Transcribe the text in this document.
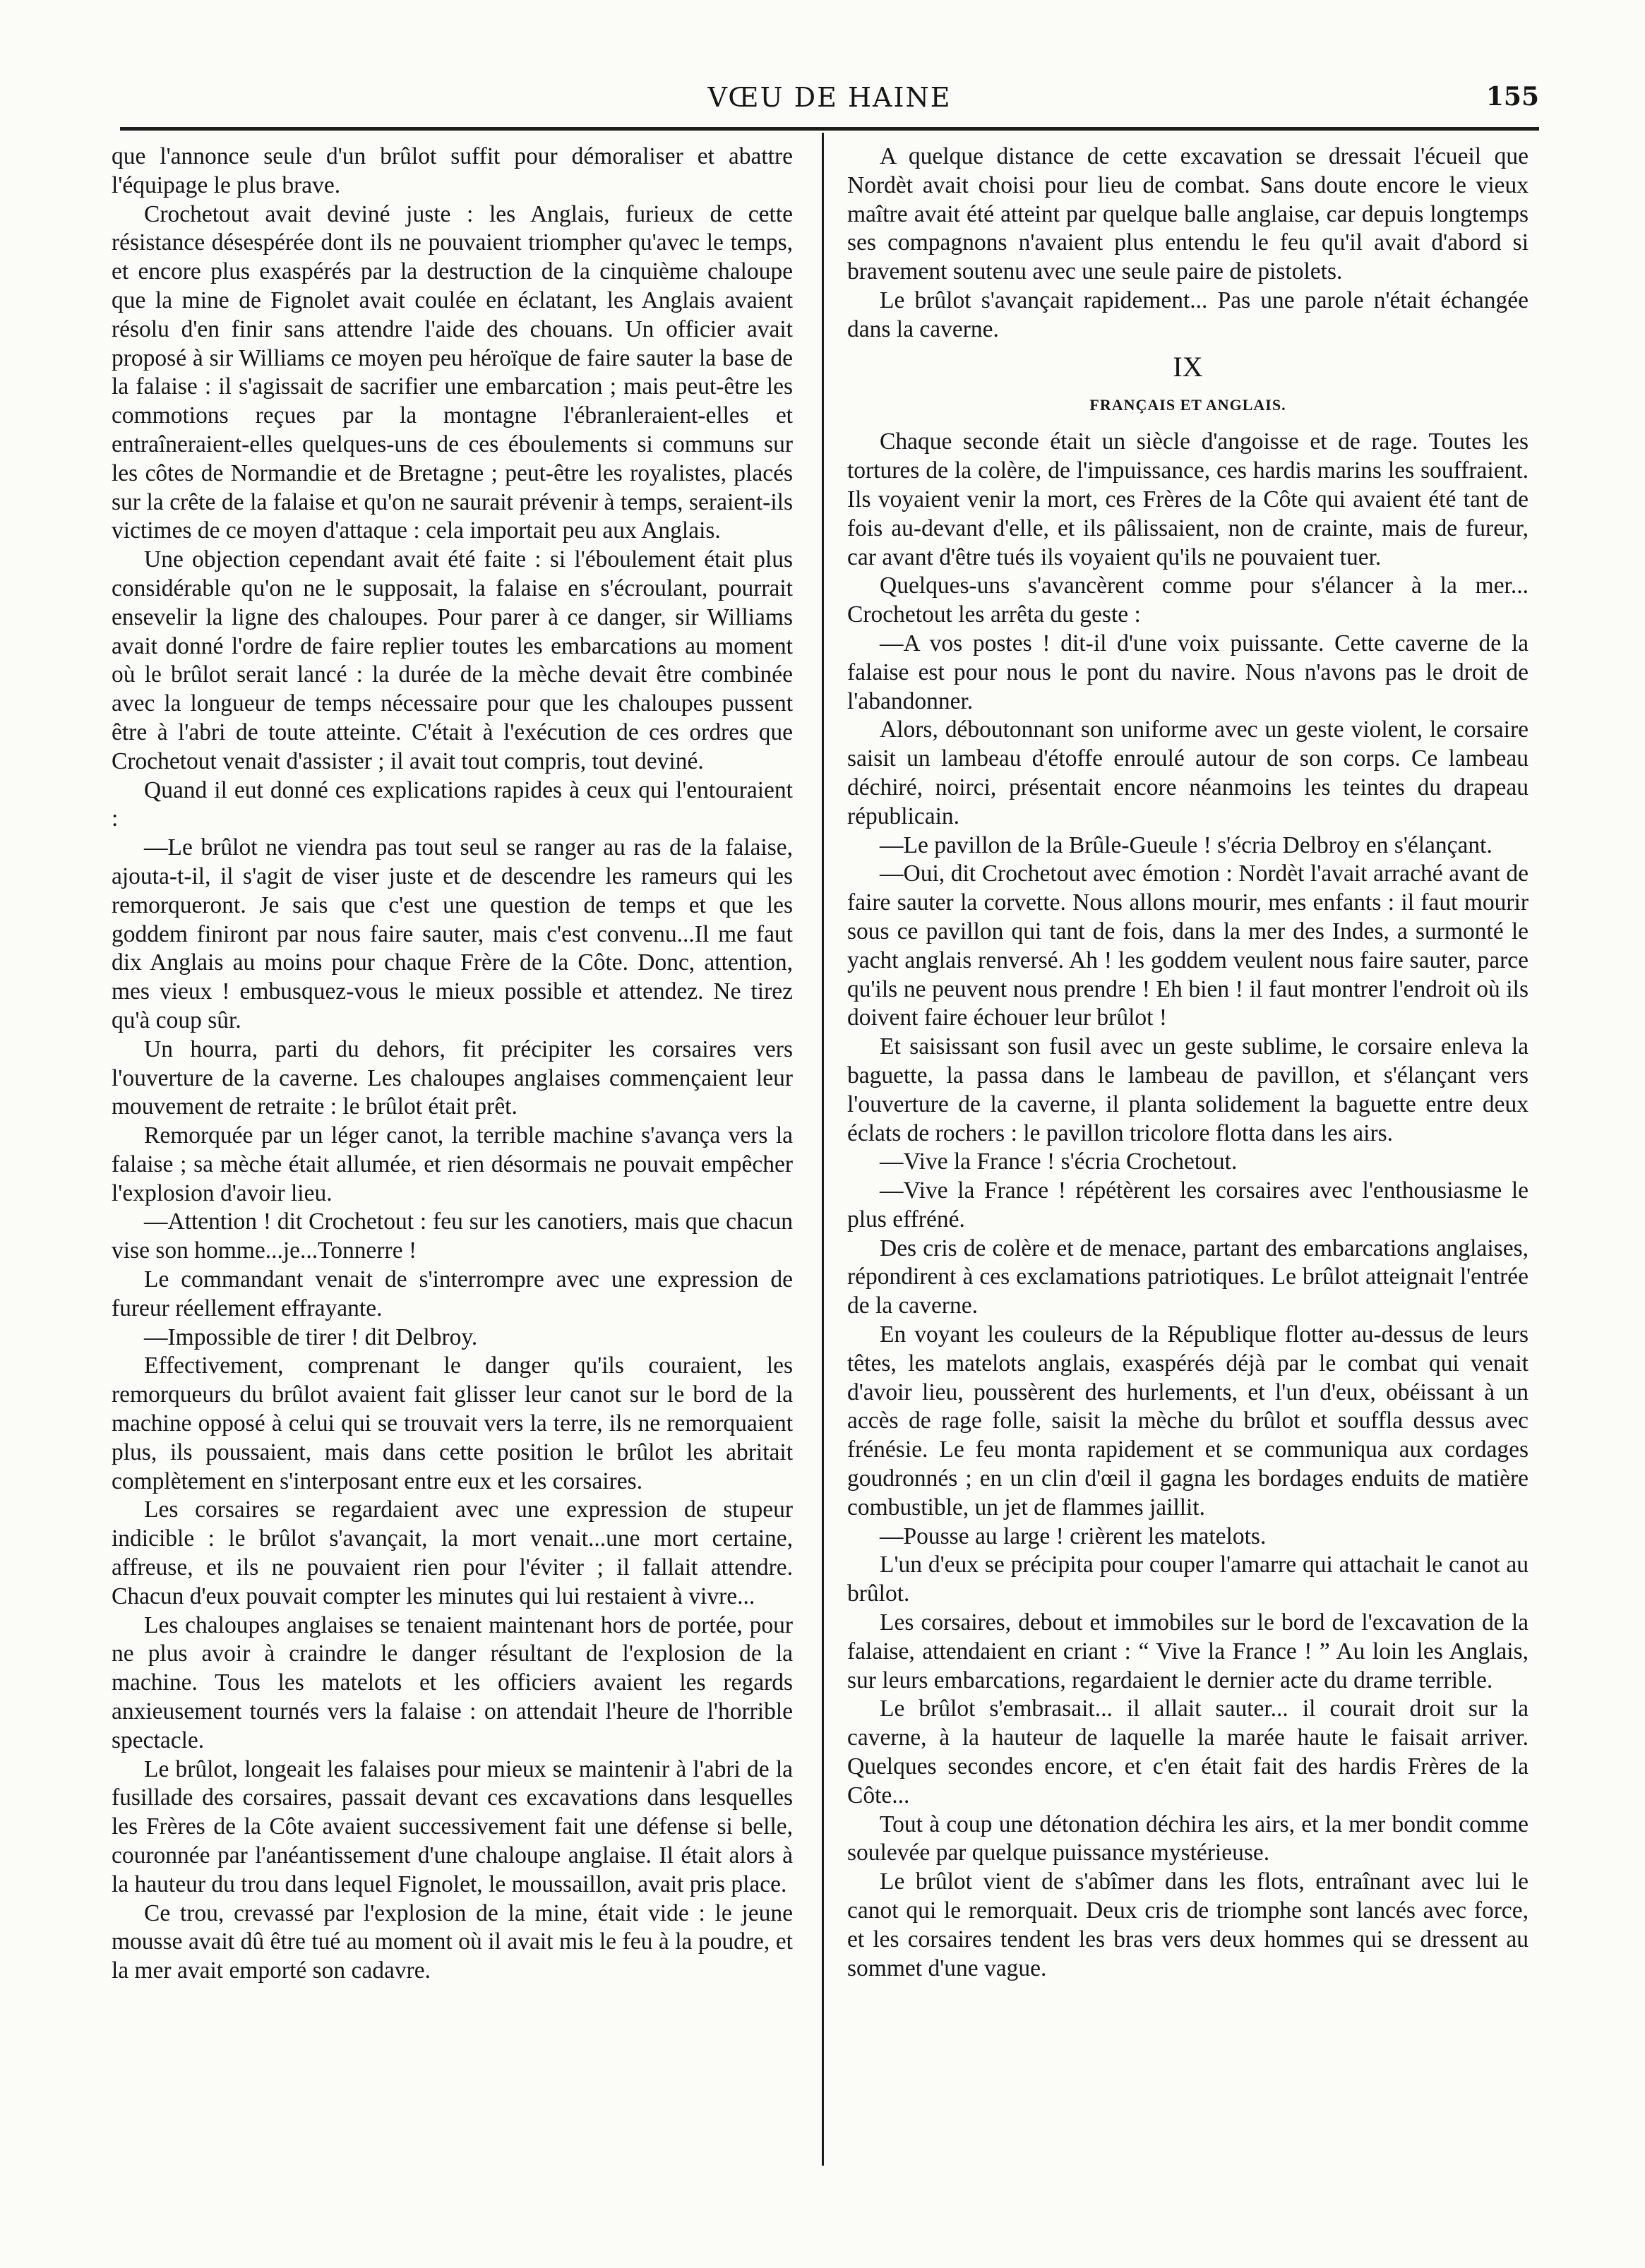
VŒU DE HAINE	155

que l'annonce seule d'un brûlot suffit pour démoraliser et abattre l'équipage le plus brave.

Crochetout avait deviné juste : les Anglais, furieux de cette résistance désespérée dont ils ne pouvaient triompher qu'avec le temps, et encore plus exaspérés par la destruction de la cinquième chaloupe que la mine de Fignolet avait coulée en éclatant, les Anglais avaient résolu d'en finir sans attendre l'aide des chouans. Un officier avait proposé à sir Williams ce moyen peu héroïque de faire sauter la base de la falaise : il s'agissait de sacrifier une embarcation ; mais peut-être les commotions reçues par la montagne l'ébranleraient-elles et entraîneraient-elles quelques-uns de ces éboulements si communs sur les côtes de Normandie et de Bretagne ; peut-être les royalistes, placés sur la crête de la falaise et qu'on ne saurait prévenir à temps, seraient-ils victimes de ce moyen d'attaque : cela importait peu aux Anglais.

Une objection cependant avait été faite : si l'éboulement était plus considérable qu'on ne le supposait, la falaise en s'écroulant, pourrait ensevelir la ligne des chaloupes. Pour parer à ce danger, sir Williams avait donné l'ordre de faire replier toutes les embarcations au moment où le brûlot serait lancé : la durée de la mèche devait être combinée avec la longueur de temps nécessaire pour que les chaloupes pussent être à l'abri de toute atteinte. C'était à l'exécution de ces ordres que Crochetout venait d'assister ; il avait tout compris, tout deviné.

Quand il eut donné ces explications rapides à ceux qui l'entouraient :

—Le brûlot ne viendra pas tout seul se ranger au ras de la falaise, ajouta-t-il, il s'agit de viser juste et de descendre les rameurs qui les remorqueront. Je sais que c'est une question de temps et que les goddem finiront par nous faire sauter, mais c'est convenu...Il me faut dix Anglais au moins pour chaque Frère de la Côte. Donc, attention, mes vieux ! embusquez-vous le mieux possible et attendez. Ne tirez qu'à coup sûr.

Un hourra, parti du dehors, fit précipiter les corsaires vers l'ouverture de la caverne. Les chaloupes anglaises commençaient leur mouvement de retraite : le brûlot était prêt.

Remorquée par un léger canot, la terrible machine s'avança vers la falaise ; sa mèche était allumée, et rien désormais ne pouvait empêcher l'explosion d'avoir lieu.

—Attention ! dit Crochetout : feu sur les canotiers, mais que chacun vise son homme...je...Tonnerre !

Le commandant venait de s'interrompre avec une expression de fureur réellement effrayante.

—Impossible de tirer ! dit Delbroy.

Effectivement, comprenant le danger qu'ils couraient, les remorqueurs du brûlot avaient fait glisser leur canot sur le bord de la machine opposé à celui qui se trouvait vers la terre, ils ne remorquaient plus, ils poussaient, mais dans cette position le brûlot les abritait complètement en s'interposant entre eux et les corsaires.

Les corsaires se regardaient avec une expression de stupeur indicible : le brûlot s'avançait, la mort venait...une mort certaine, affreuse, et ils ne pouvaient rien pour l'éviter ; il fallait attendre. Chacun d'eux pouvait compter les minutes qui lui restaient à vivre...

Les chaloupes anglaises se tenaient maintenant hors de portée, pour ne plus avoir à craindre le danger résultant de l'explosion de la machine. Tous les matelots et les officiers avaient les regards anxieusement tournés vers la falaise : on attendait l'heure de l'horrible spectacle.

Le brûlot, longeait les falaises pour mieux se maintenir à l'abri de la fusillade des corsaires, passait devant ces excavations dans lesquelles les Frères de la Côte avaient successivement fait une défense si belle, couronnée par l'anéantissement d'une chaloupe anglaise. Il était alors à la hauteur du trou dans lequel Fignolet, le moussaillon, avait pris place.

Ce trou, crevassé par l'explosion de la mine, était vide : le jeune mousse avait dû être tué au moment où il avait mis le feu à la poudre, et la mer avait emporté son cadavre.

A quelque distance de cette excavation se dressait l'écueil que Nordèt avait choisi pour lieu de combat. Sans doute encore le vieux maître avait été atteint par quelque balle anglaise, car depuis longtemps ses compagnons n'avaient plus entendu le feu qu'il avait d'abord si bravement soutenu avec une seule paire de pistolets.

Le brûlot s'avançait rapidement... Pas une parole n'était échangée dans la caverne.

IX
FRANÇAIS ET ANGLAIS.

Chaque seconde était un siècle d'angoisse et de rage. Toutes les tortures de la colère, de l'impuissance, ces hardis marins les souffraient. Ils voyaient venir la mort, ces Frères de la Côte qui avaient été tant de fois au-devant d'elle, et ils pâlissaient, non de crainte, mais de fureur, car avant d'être tués ils voyaient qu'ils ne pouvaient tuer.

Quelques-uns s'avancèrent comme pour s'élancer à la mer... Crochetout les arrêta du geste :

—A vos postes ! dit-il d'une voix puissante. Cette caverne de la falaise est pour nous le pont du navire. Nous n'avons pas le droit de l'abandonner.

Alors, déboutonnant son uniforme avec un geste violent, le corsaire saisit un lambeau d'étoffe enroulé autour de son corps. Ce lambeau déchiré, noirci, présentait encore néanmoins les teintes du drapeau républicain.

—Le pavillon de la Brûle-Gueule ! s'écria Delbroy en s'élançant.

—Oui, dit Crochetout avec émotion : Nordèt l'avait arraché avant de faire sauter la corvette. Nous allons mourir, mes enfants : il faut mourir sous ce pavillon qui tant de fois, dans la mer des Indes, a surmonté le yacht anglais renversé. Ah ! les goddem veulent nous faire sauter, parce qu'ils ne peuvent nous prendre ! Eh bien ! il faut montrer l'endroit où ils doivent faire échouer leur brûlot !

Et saisissant son fusil avec un geste sublime, le corsaire enleva la baguette, la passa dans le lambeau de pavillon, et s'élançant vers l'ouverture de la caverne, il planta solidement la baguette entre deux éclats de rochers : le pavillon tricolore flotta dans les airs.

—Vive la France ! s'écria Crochetout.

—Vive la France ! répétèrent les corsaires avec l'enthousiasme le plus effréné.

Des cris de colère et de menace, partant des embarcations anglaises, répondirent à ces exclamations patriotiques. Le brûlot atteignait l'entrée de la caverne.

En voyant les couleurs de la République flotter au-dessus de leurs têtes, les matelots anglais, exaspérés déjà par le combat qui venait d'avoir lieu, poussèrent des hurlements, et l'un d'eux, obéissant à un accès de rage folle, saisit la mèche du brûlot et souffla dessus avec frénésie. Le feu monta rapidement et se communiqua aux cordages goudronnés ; en un clin d'œil il gagna les bordages enduits de matière combustible, un jet de flammes jaillit.

—Pousse au large ! crièrent les matelots.

L'un d'eux se précipita pour couper l'amarre qui attachait le canot au brûlot.

Les corsaires, debout et immobiles sur le bord de l'excavation de la falaise, attendaient en criant : “ Vive la France ! ” Au loin les Anglais, sur leurs embarcations, regardaient le dernier acte du drame terrible.

Le brûlot s'embrasait... il allait sauter... il courait droit sur la caverne, à la hauteur de laquelle la marée haute le faisait arriver. Quelques secondes encore, et c'en était fait des hardis Frères de la Côte...

Tout à coup une détonation déchira les airs, et la mer bondit comme soulevée par quelque puissance mystérieuse.

Le brûlot vient de s'abîmer dans les flots, entraînant avec lui le canot qui le remorquait. Deux cris de triomphe sont lancés avec force, et les corsaires tendent les bras vers deux hommes qui se dressent au sommet d'une vague.
